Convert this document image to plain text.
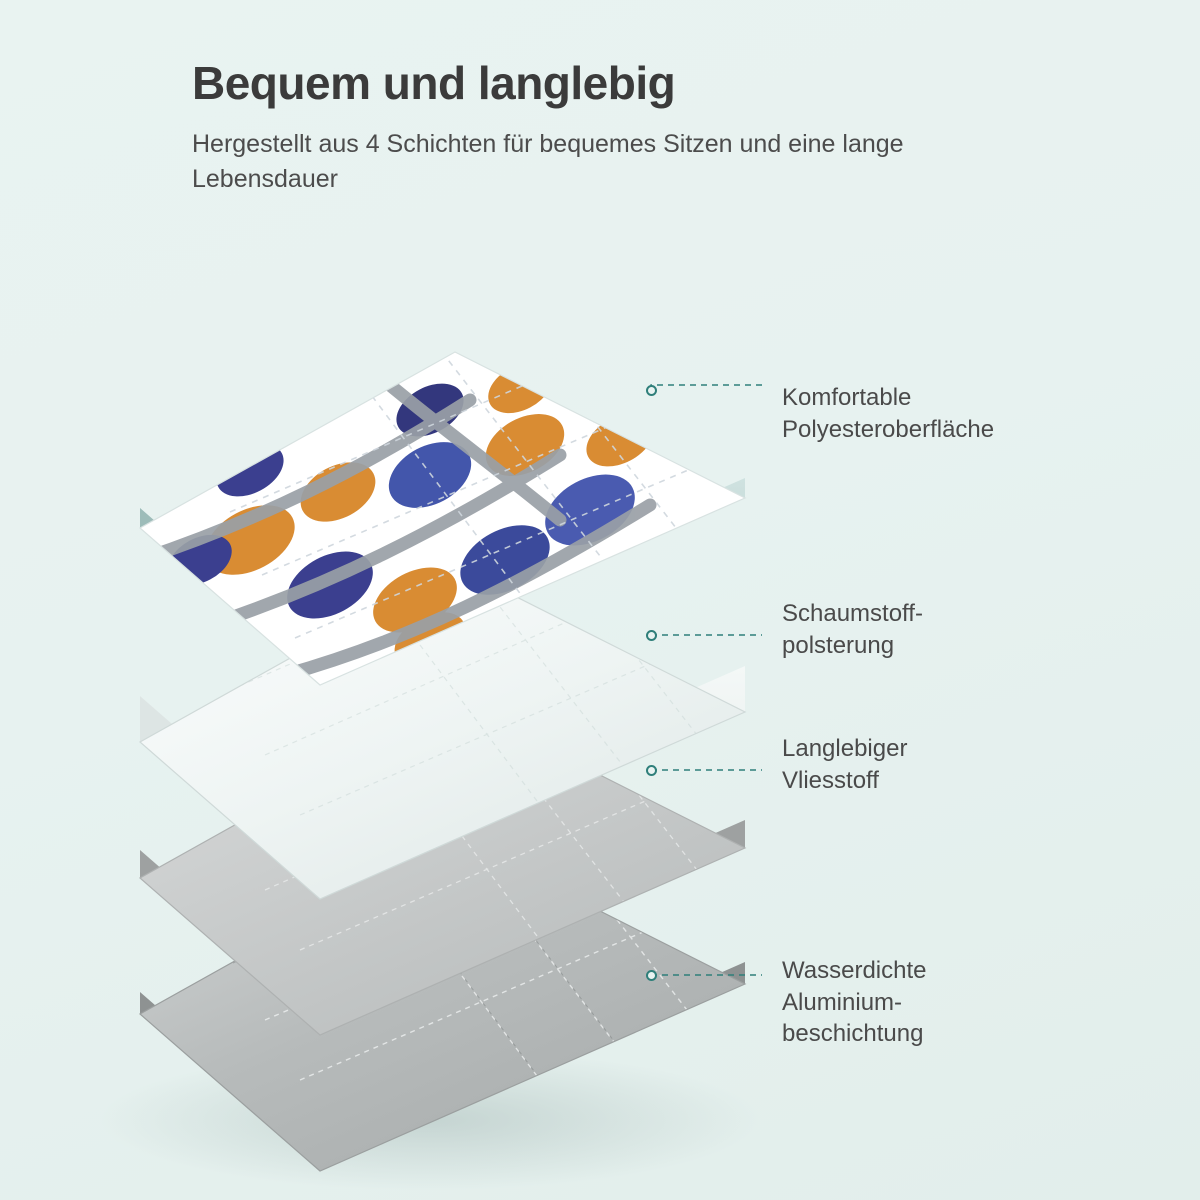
Bequem und langlebig

Hergestellt aus 4 Schichten für bequemes Sitzen und eine lange Lebensdauer

Komfortable
Polyesteroberfläche
Schaumstoff-
polsterung
Langlebiger
Vliesstoff
Wasserdichte
Aluminium-
beschichtung
